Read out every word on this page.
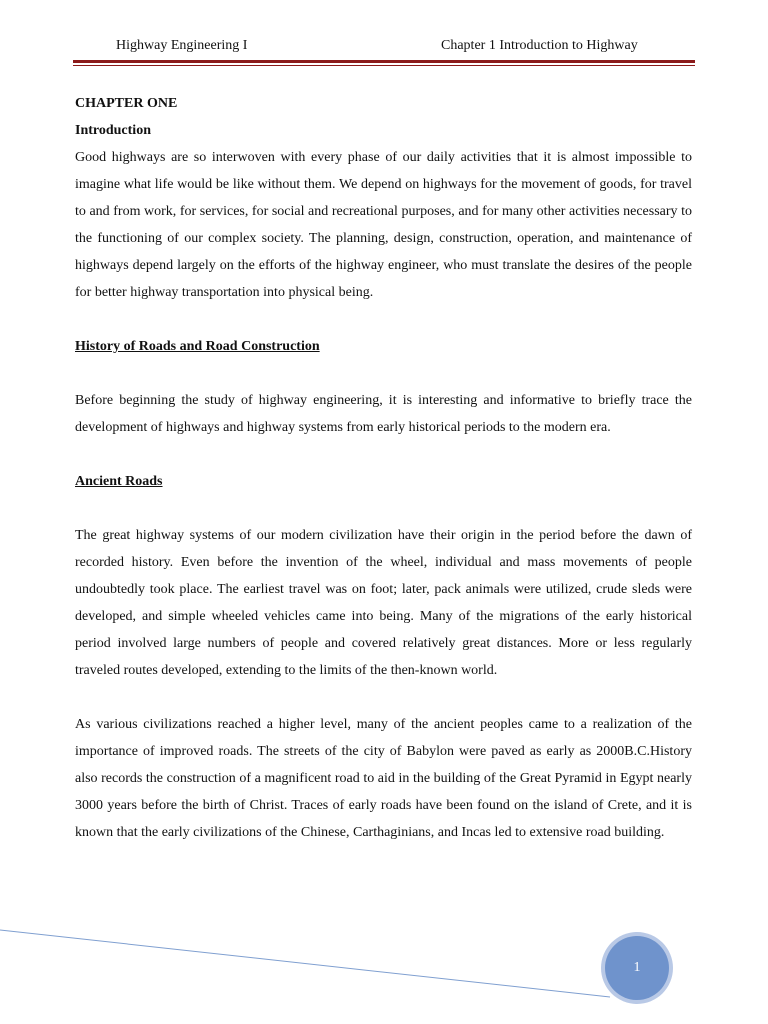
Highway Engineering I	Chapter 1 Introduction to Highway

CHAPTER ONE

Introduction

Good highways are so interwoven with every phase of our daily activities that it is almost impossible to imagine what life would be like without them. We depend on highways for the movement of goods, for travel to and from work, for services, for social and recreational purposes, and for many other activities necessary to the functioning of our complex society. The planning, design, construction, operation, and maintenance of highways depend largely on the efforts of the highway engineer, who must translate the desires of the people for better highway transportation into physical being.

History of Roads and Road Construction

Before beginning the study of highway engineering, it is interesting and informative to briefly trace the development of highways and highway systems from early historical periods to the modern era.

Ancient Roads

The great highway systems of our modern civilization have their origin in the period before the dawn of recorded history. Even before the invention of the wheel, individual and mass movements of people undoubtedly took place. The earliest travel was on foot; later, pack animals were utilized, crude sleds were developed, and simple wheeled vehicles came into being. Many of the migrations of the early historical period involved large numbers of people and covered relatively great distances. More or less regularly traveled routes developed, extending to the limits of the then-known world.

As various civilizations reached a higher level, many of the ancient peoples came to a realization of the importance of improved roads. The streets of the city of Babylon were paved as early as 2000B.C.History also records the construction of a magnificent road to aid in the building of the Great Pyramid in Egypt nearly 3000 years before the birth of Christ. Traces of early roads have been found on the island of Crete, and it is known that the early civilizations of the Chinese, Carthaginians, and Incas led to extensive road building.

1
